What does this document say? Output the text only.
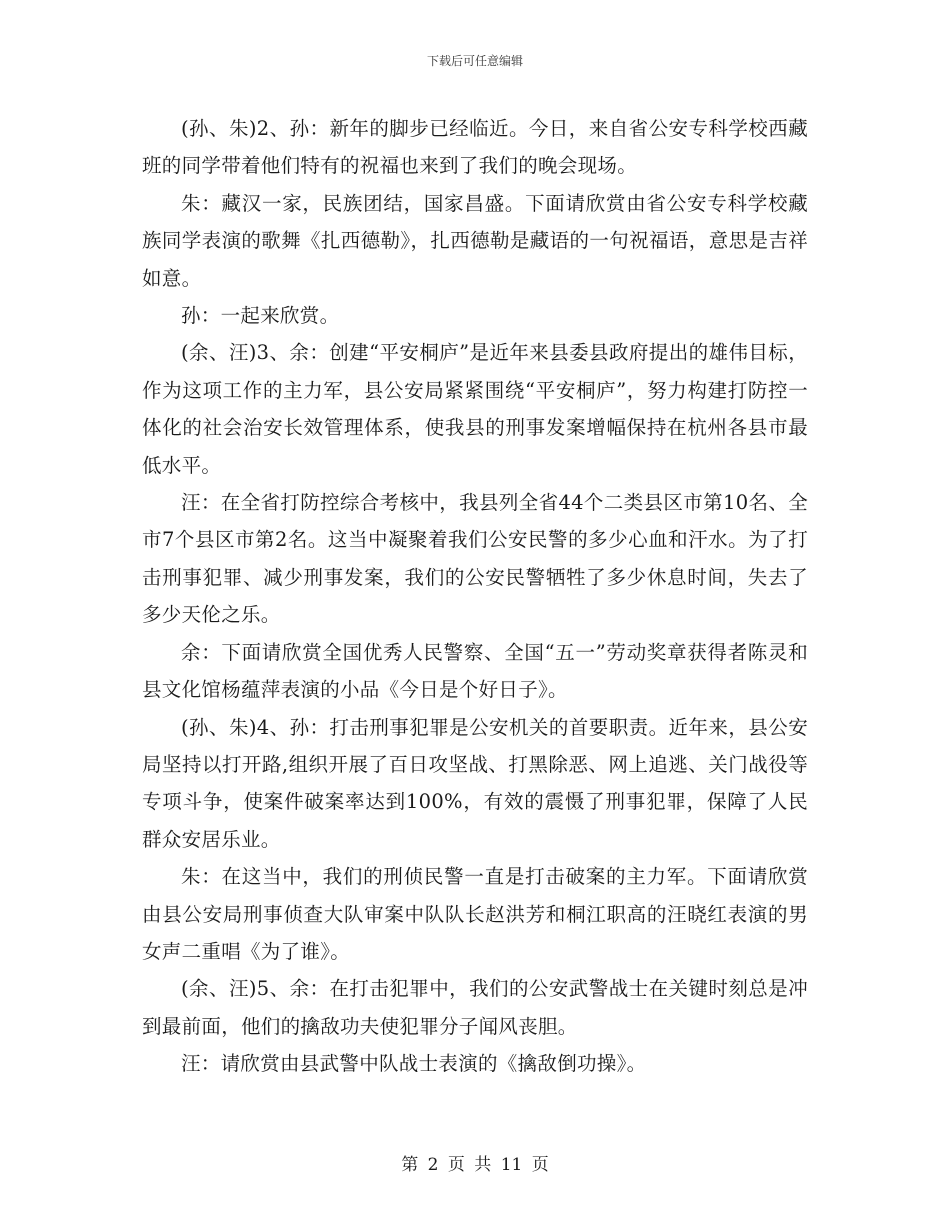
下载后可任意编辑

(孙、朱)2、孙：新年的脚步已经临近。今日，来自省公安专科学校西藏班的同学带着他们特有的祝福也来到了我们的晚会现场。

朱：藏汉一家，民族团结，国家昌盛。下面请欣赏由省公安专科学校藏族同学表演的歌舞《扎西德勒》，扎西德勒是藏语的一句祝福语，意思是吉祥如意。

孙：一起来欣赏。

(余、汪)3、余：创建“平安桐庐”是近年来县委县政府提出的雄伟目标，作为这项工作的主力军，县公安局紧紧围绕“平安桐庐”，努力构建打防控一体化的社会治安长效管理体系，使我县的刑事发案增幅保持在杭州各县市最低水平。

汪：在全省打防控综合考核中，我县列全省44个二类县区市第10名、全市7个县区市第2名。这当中凝聚着我们公安民警的多少心血和汗水。为了打击刑事犯罪、减少刑事发案，我们的公安民警牺牲了多少休息时间，失去了多少天伦之乐。

余：下面请欣赏全国优秀人民警察、全国“五一”劳动奖章获得者陈灵和县文化馆杨蕴萍表演的小品《今日是个好日子》。

(孙、朱)4、孙：打击刑事犯罪是公安机关的首要职责。近年来，县公安局坚持以打开路,组织开展了百日攻坚战、打黑除恶、网上追逃、关门战役等专项斗争，使案件破案率达到100%，有效的震慑了刑事犯罪，保障了人民群众安居乐业。

朱：在这当中，我们的刑侦民警一直是打击破案的主力军。下面请欣赏由县公安局刑事侦查大队审案中队队长赵洪芳和桐江职高的汪晓红表演的男女声二重唱《为了谁》。

(余、汪)5、余：在打击犯罪中，我们的公安武警战士在关键时刻总是冲到最前面，他们的擒敌功夫使犯罪分子闻风丧胆。

汪：请欣赏由县武警中队战士表演的《擒敌倒功操》。

第 2 页 共 11 页
